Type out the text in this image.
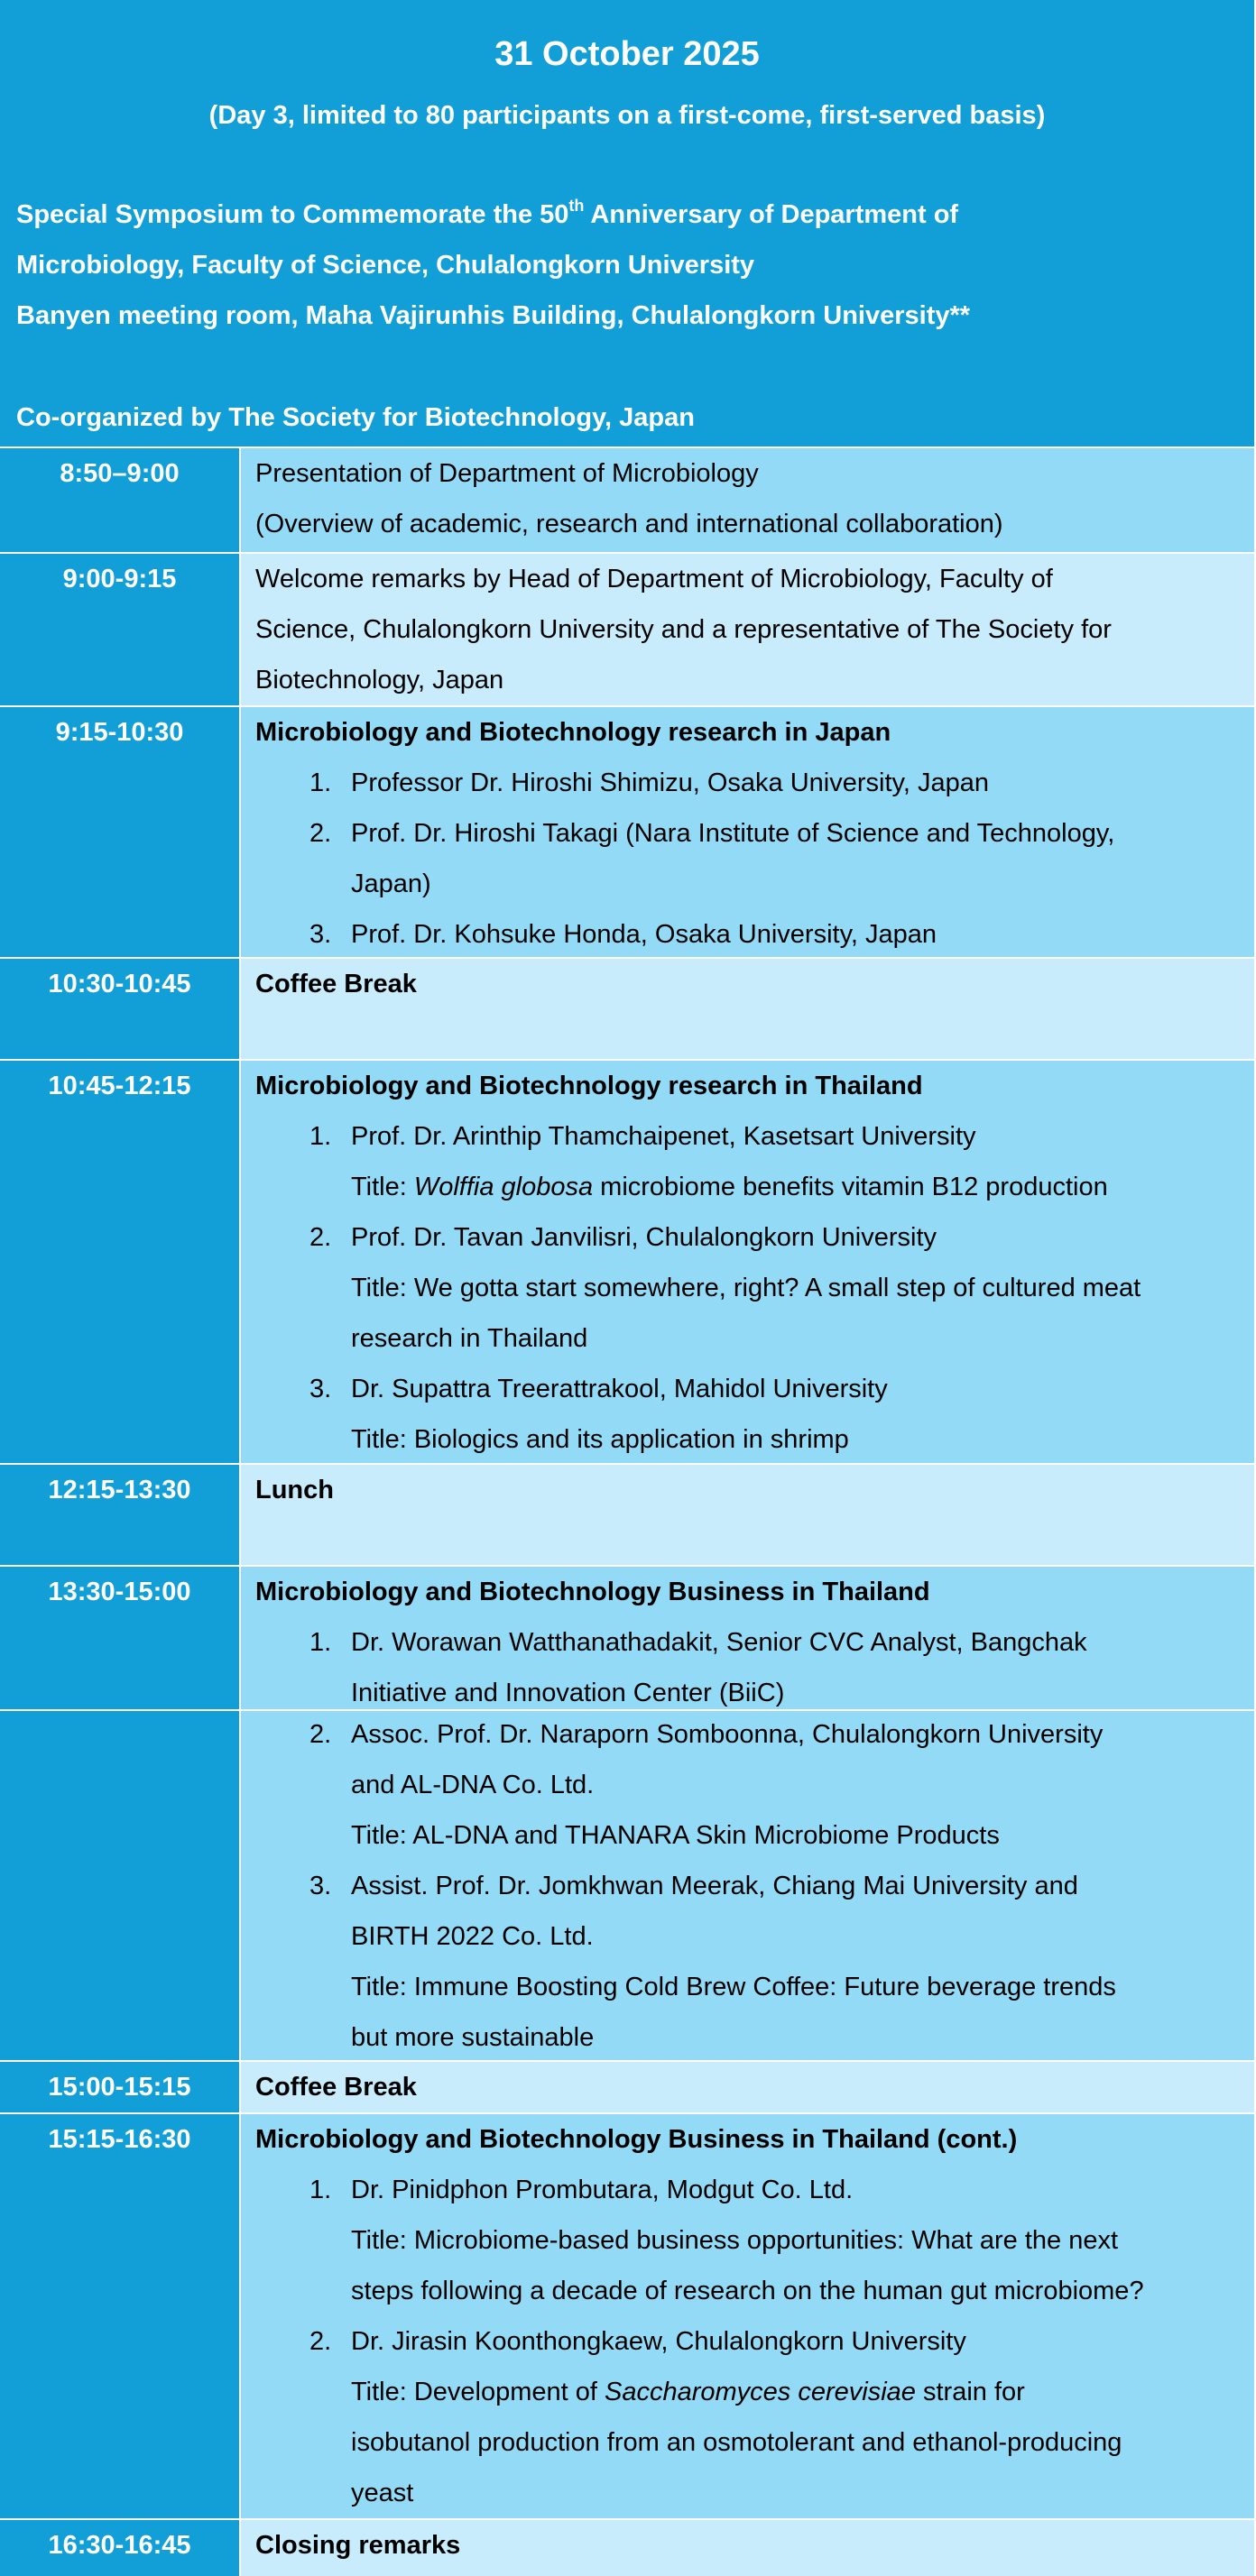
31 October 2025
(Day 3, limited to 80 participants on a first-come, first-served basis)
Special Symposium to Commemorate the 50th Anniversary of Department of
Microbiology, Faculty of Science, Chulalongkorn University
Banyen meeting room, Maha Vajirunhis Building, Chulalongkorn University**
Co-organized by The Society for Biotechnology, Japan
8:50–9:00	Presentation of Department of Microbiology
(Overview of academic, research and international collaboration)
9:00-9:15	Welcome remarks by Head of Department of Microbiology, Faculty of
Science, Chulalongkorn University and a representative of The Society for
Biotechnology, Japan
9:15-10:30	Microbiology and Biotechnology research in Japan
1. Professor Dr. Hiroshi Shimizu, Osaka University, Japan
2. Prof. Dr. Hiroshi Takagi (Nara Institute of Science and Technology,
Japan)
3. Prof. Dr. Kohsuke Honda, Osaka University, Japan
10:30-10:45	Coffee Break
10:45-12:15	Microbiology and Biotechnology research in Thailand
1. Prof. Dr. Arinthip Thamchaipenet, Kasetsart University
Title: Wolffia globosa microbiome benefits vitamin B12 production
2. Prof. Dr. Tavan Janvilisri, Chulalongkorn University
Title: We gotta start somewhere, right? A small step of cultured meat
research in Thailand
3. Dr. Supattra Treerattrakool, Mahidol University
Title: Biologics and its application in shrimp
12:15-13:30	Lunch
13:30-15:00	Microbiology and Biotechnology Business in Thailand
1. Dr. Worawan Watthanathadakit, Senior CVC Analyst, Bangchak
Initiative and Innovation Center (BiiC)
2. Assoc. Prof. Dr. Naraporn Somboonna, Chulalongkorn University
and AL-DNA Co. Ltd.
Title: AL-DNA and THANARA Skin Microbiome Products
3. Assist. Prof. Dr. Jomkhwan Meerak, Chiang Mai University and
BIRTH 2022 Co. Ltd.
Title: Immune Boosting Cold Brew Coffee: Future beverage trends
but more sustainable
15:00-15:15	Coffee Break
15:15-16:30	Microbiology and Biotechnology Business in Thailand (cont.)
1. Dr. Pinidphon Prombutara, Modgut Co. Ltd.
Title: Microbiome-based business opportunities: What are the next
steps following a decade of research on the human gut microbiome?
2. Dr. Jirasin Koonthongkaew, Chulalongkorn University
Title: Development of Saccharomyces cerevisiae strain for
isobutanol production from an osmotolerant and ethanol-producing
yeast
16:30-16:45	Closing remarks
